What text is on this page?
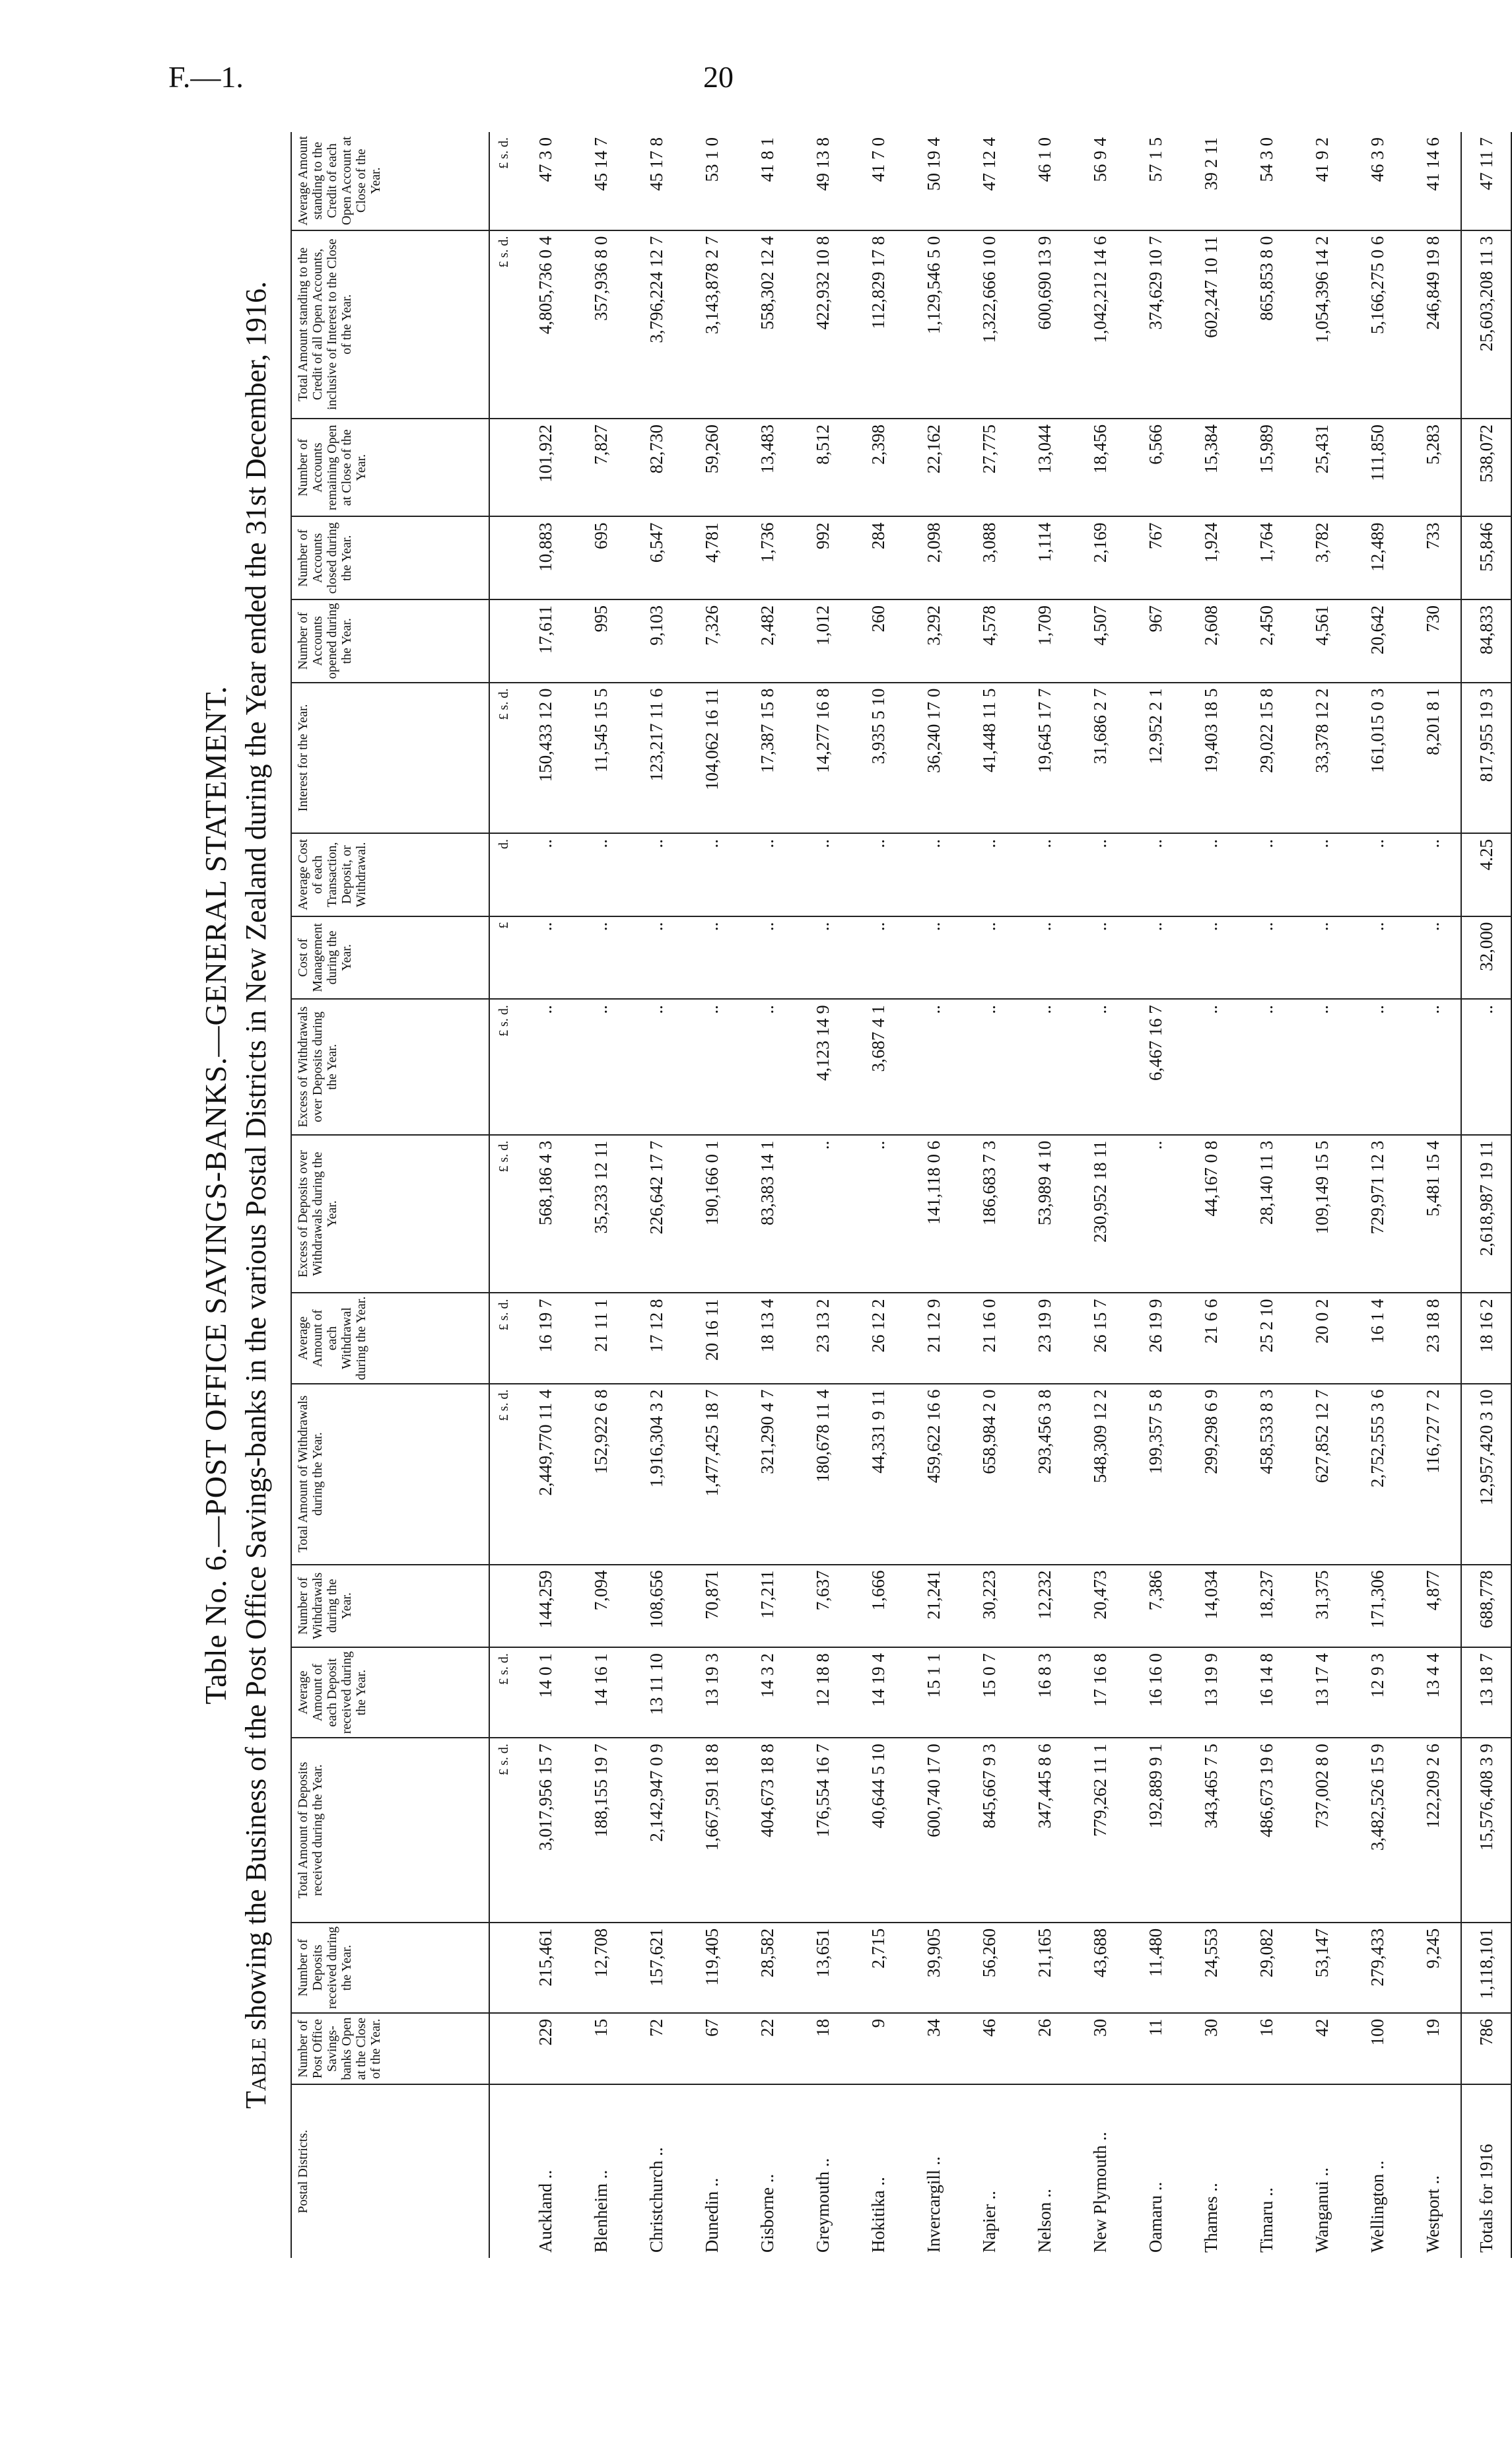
F.—1.	20

Table No. 6.—POST OFFICE SAVINGS-BANKS.—GENERAL STATEMENT.

Table showing the Business of the Post Office Savings-banks in the various Postal Districts in New Zealand during the Year ended the 31st December, 1916.

Postal Districts.	Number of Post Office Savings-banks Open at the Close of the Year.	Number of Deposits received during the Year.	Total Amount of Deposits received during the Year.	Average Amount of each Deposit received during the Year.	Number of Withdrawals during the Year.	Total Amount of Withdrawals during the Year.	Average Amount of each Withdrawal during the Year.	Excess of Deposits over Withdrawals during the Year.	Excess of Withdrawals over Deposits during the Year.	Cost of Management during the Year.	Average Cost of each Transaction, Deposit, or Withdrawal.	Interest for the Year.	Number of Accounts opened during the Year.	Number of Accounts closed during the Year.	Number of Accounts remaining Open at Close of the Year.	Total Amount standing to the Credit of all Open Accounts, inclusive of Interest to the Close of the Year.	Average Amount standing to the Credit of each Open Account at Close of the Year.
			£ s. d.	£ s. d.		£ s. d.	£ s. d.	£ s. d.	£ s. d.	£	d.	£ s. d.				£ s. d.	£ s. d.
Auckland ..	229	215,461	3,017,956 15 7	14 0 1	144,259	2,449,770 11 4	16 19 7	568,186 4 3	..	..	..	150,433 12 0	17,611	10,883	101,922	4,805,736 0 4	47 3 0
Blenheim ..	15	12,708	188,155 19 7	14 16 1	7,094	152,922 6 8	21 11 1	35,233 12 11	..	..	..	11,545 15 5	995	695	7,827	357,936 8 0	45 14 7
Christchurch ..	72	157,621	2,142,947 0 9	13 11 10	108,656	1,916,304 3 2	17 12 8	226,642 17 7	..	..	..	123,217 11 6	9,103	6,547	82,730	3,796,224 12 7	45 17 8
Dunedin ..	67	119,405	1,667,591 18 8	13 19 3	70,871	1,477,425 18 7	20 16 11	190,166 0 1	..	..	..	104,062 16 11	7,326	4,781	59,260	3,143,878 2 7	53 1 0
Gisborne ..	22	28,582	404,673 18 8	14 3 2	17,211	321,290 4 7	18 13 4	83,383 14 1	..	..	..	17,387 15 8	2,482	1,736	13,483	558,302 12 4	41 8 1
Greymouth ..	18	13,651	176,554 16 7	12 18 8	7,637	180,678 11 4	23 13 2	..	4,123 14 9	..	..	14,277 16 8	1,012	992	8,512	422,932 10 8	49 13 8
Hokitika ..	9	2,715	40,644 5 10	14 19 4	1,666	44,331 9 11	26 12 2	..	3,687 4 1	..	..	3,935 5 10	260	284	2,398	112,829 17 8	41 7 0
Invercargill ..	34	39,905	600,740 17 0	15 1 1	21,241	459,622 16 6	21 12 9	141,118 0 6	..	..	..	36,240 17 0	3,292	2,098	22,162	1,129,546 5 0	50 19 4
Napier ..	46	56,260	845,667 9 3	15 0 7	30,223	658,984 2 0	21 16 0	186,683 7 3	..	..	..	41,448 11 5	4,578	3,088	27,775	1,322,666 10 0	47 12 4
Nelson ..	26	21,165	347,445 8 6	16 8 3	12,232	293,456 3 8	23 19 9	53,989 4 10	..	..	..	19,645 17 7	1,709	1,114	13,044	600,690 13 9	46 1 0
New Plymouth ..	30	43,688	779,262 11 1	17 16 8	20,473	548,309 12 2	26 15 7	230,952 18 11	..	..	..	31,686 2 7	4,507	2,169	18,456	1,042,212 14 6	56 9 4
Oamaru ..	11	11,480	192,889 9 1	16 16 0	7,386	199,357 5 8	26 19 9	..	6,467 16 7	..	..	12,952 2 1	967	767	6,566	374,629 10 7	57 1 5
Thames ..	30	24,553	343,465 7 5	13 19 9	14,034	299,298 6 9	21 6 6	44,167 0 8	..	..	..	19,403 18 5	2,608	1,924	15,384	602,247 10 11	39 2 11
Timaru ..	16	29,082	486,673 19 6	16 14 8	18,237	458,533 8 3	25 2 10	28,140 11 3	..	..	..	29,022 15 8	2,450	1,764	15,989	865,853 8 0	54 3 0
Wanganui ..	42	53,147	737,002 8 0	13 17 4	31,375	627,852 12 7	20 0 2	109,149 15 5	..	..	..	33,378 12 2	4,561	3,782	25,431	1,054,396 14 2	41 9 2
Wellington ..	100	279,433	3,482,526 15 9	12 9 3	171,306	2,752,555 3 6	16 1 4	729,971 12 3	..	..	..	161,015 0 3	20,642	12,489	111,850	5,166,275 0 6	46 3 9
Westport ..	19	9,245	122,209 2 6	13 4 4	4,877	116,727 7 2	23 18 8	5,481 15 4	..	..	..	8,201 8 1	730	733	5,283	246,849 19 8	41 14 6
Totals for 1916	786	1,118,101	15,576,408 3 9	13 18 7	688,778	12,957,420 3 10	18 16 2	2,618,987 19 11	..	32,000	4.25	817,955 19 3	84,833	55,846	538,072	25,603,208 11 3	47 11 7
